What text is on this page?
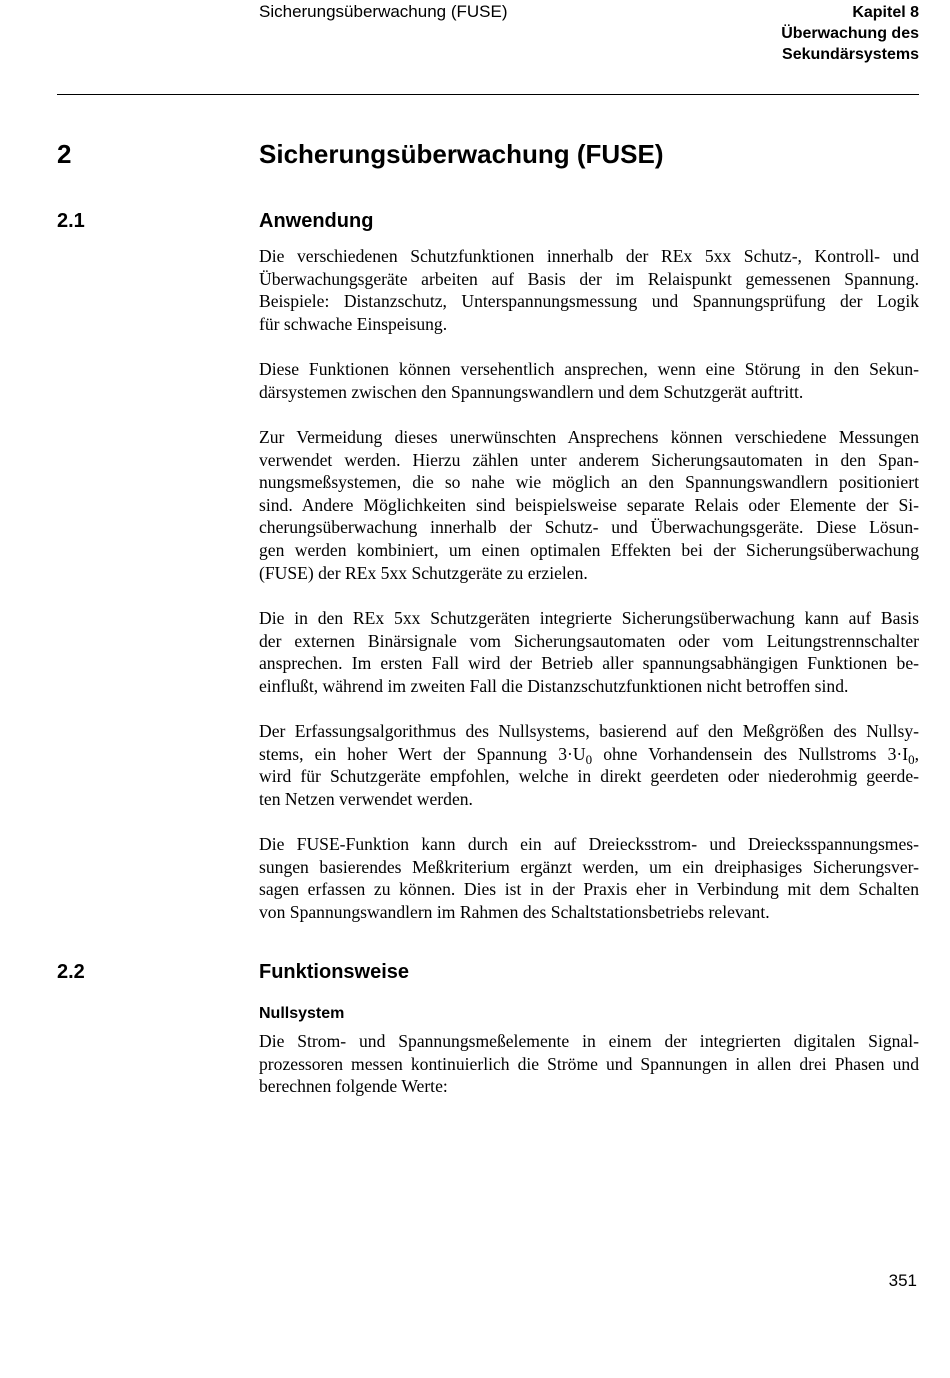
Sicherungsüberwachung (FUSE)	Kapitel 8
Überwachung des
Sekundärsystems
2	Sicherungsüberwachung (FUSE)
2.1	Anwendung
Die verschiedenen Schutzfunktionen innerhalb der REx 5xx Schutz-, Kontroll- und
Überwachungsgeräte arbeiten auf Basis der im Relaispunkt gemessenen Spannung.
Beispiele: Distanzschutz, Unterspannungsmessung und Spannungsprüfung der Logik
für schwache Einspeisung.
Diese Funktionen können versehentlich ansprechen, wenn eine Störung in den Sekun-
därsystemen zwischen den Spannungswandlern und dem Schutzgerät auftritt.
Zur Vermeidung dieses unerwünschten Ansprechens können verschiedene Messungen
verwendet werden. Hierzu zählen unter anderem Sicherungsautomaten in den Span-
nungsmeßsystemen, die so nahe wie möglich an den Spannungswandlern positioniert
sind. Andere Möglichkeiten sind beispielsweise separate Relais oder Elemente der Si-
cherungsüberwachung innerhalb der Schutz- und Überwachungsgeräte. Diese Lösun-
gen werden kombiniert, um einen optimalen Effekten bei der Sicherungsüberwachung
(FUSE) der REx 5xx Schutzgeräte zu erzielen.
Die in den REx 5xx Schutzgeräten integrierte Sicherungsüberwachung kann auf Basis
der externen Binärsignale vom Sicherungsautomaten oder vom Leitungstrennschalter
ansprechen. Im ersten Fall wird der Betrieb aller spannungsabhängigen Funktionen be-
einflußt, während im zweiten Fall die Distanzschutzfunktionen nicht betroffen sind.
Der Erfassungsalgorithmus des Nullsystems, basierend auf den Meßgrößen des Nullsy-
stems, ein hoher Wert der Spannung $3\cdot U_0$ ohne Vorhandensein des Nullstroms $3\cdot I_0$,
wird für Schutzgeräte empfohlen, welche in direkt geerdeten oder niederohmig geerde-
ten Netzen verwendet werden.
Die FUSE-Funktion kann durch ein auf Dreiecksstrom- und Dreiecksspannungsmes-
sungen basierendes Meßkriterium ergänzt werden, um ein dreiphasiges Sicherungsver-
sagen erfassen zu können. Dies ist in der Praxis eher in Verbindung mit dem Schalten
von Spannungswandlern im Rahmen des Schaltstationsbetriebs relevant.
2.2	Funktionsweise
Nullsystem
Die Strom- und Spannungsmeßelemente in einem der integrierten digitalen Signal-
prozessoren messen kontinuierlich die Ströme und Spannungen in allen drei Phasen und
berechnen folgende Werte:
351
